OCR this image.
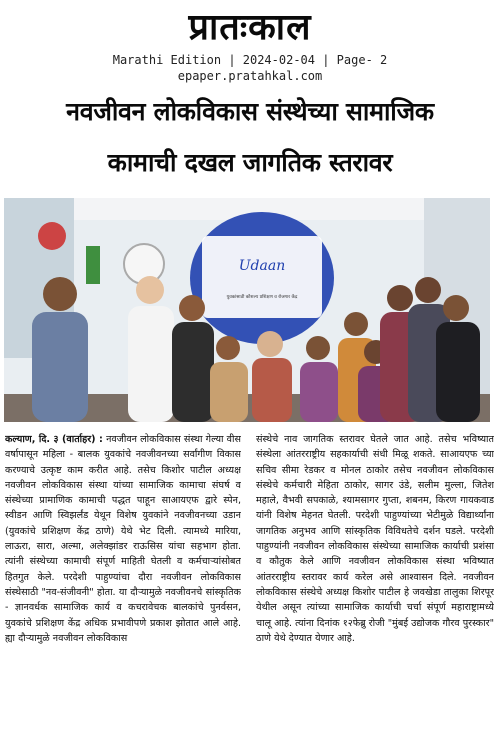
प्रातःकाल
Marathi Edition | 2024-02-04 | Page- 2
epaper.pratahkal.com
नवजीवन लोकविकास संस्थेच्या सामाजिक
कामाची दखल जागतिक स्तरावर
Udaan
युवकांसाठी कौशल्य प्रशिक्षण व रोजगार केंद्र
कल्याण, दि. ३ (वार्ताहर) : नवजीवन लोकविकास संस्था गेल्या वीस वर्षापासून महिला - बालक युवकांचे नवजीवनच्या सर्वांगीण विकास करण्याचे उत्कृष्ट काम करीत आहे. तसेच किशोर पाटील अध्यक्ष नवजीवन लोकविकास संस्था यांच्या सामाजिक कामाचा संघर्ष व संस्थेच्या प्रामाणिक कामाची पद्धत पाहून साआयएफ द्वारे स्पेन, स्वीडन आणि स्विझर्लंड येथून विशेष युवकांने नवजीवनच्या उडान (युवकांचे प्रशिक्षण केंद्र ठाणे) येथे भेट दिली. त्यामध्ये मारिया, लाऊरा, सारा, अल्मा, अलेक्झांडर राऊसिस यांचा सहभाग होता. त्यांनी संस्थेच्या कामाची संपूर्ण माहिती घेतली व कर्मचाऱ्यांसोबत हितगुत केले. परदेशी पाहुण्यांचा दौरा नवजीवन लोकविकास संस्थेसाठी "नव-संजीवनी" होता. या दौऱ्यामुळे नवजीवनचे सांस्कृतिक - ज्ञानवर्धक सामाजिक कार्य व कचरावेचक बालकांचे पुनर्वसन, युवकांचे प्रशिक्षण केंद्र अधिक प्रभावीपणे प्रकाश झोतात आले आहे. ह्या दौऱ्यामुळे नवजीवन लोकविकास
संस्थेचे नाव जागतिक स्तरावर घेतले जात आहे. तसेच भविष्यात संस्थेला आंतरराष्ट्रीय सहकार्याची संधी मिळू शकते. साआयएफ च्या सचिव सीमा रेडकर व मोनल ठाकोर तसेच नवजीवन लोकविकास संस्थेचे कर्मचारी मेहिता ठाकोर, सागर उंडे, सलीम मुल्ला, जितेश महाले, वैभवी सपकाळे, श्यामसागर गुप्ता, शबनम, किरण गायकवाड यांनी विशेष मेहनत घेतली. परदेशी पाहुण्यांच्या भेटीमुळे विद्यार्थ्यांना जागतिक अनुभव आणि सांस्कृतिक विविधतेचे दर्शन घडले. परदेशी पाहुण्यांनी नवजीवन लोकविकास संस्थेच्या सामाजिक कार्याची प्रशंसा व कौतुक केले आणि नवजीवन लोकविकास संस्था भविष्यात आंतरराष्ट्रीय स्तरावर कार्य करेल असे आश्वासन दिले. नवजीवन लोकविकास संस्थेचे अध्यक्ष किशोर पाटील हे जवखेडा तालुका शिरपूर येथील असून त्यांच्या सामाजिक कार्याची चर्चा संपूर्ण महाराष्ट्रामध्ये चालू आहे. त्यांना दिनांक १२फेब्रु रोजी "मुंबई उद्योजक गौरव पुरस्कार" ठाणे येथे देण्यात येणार आहे.
